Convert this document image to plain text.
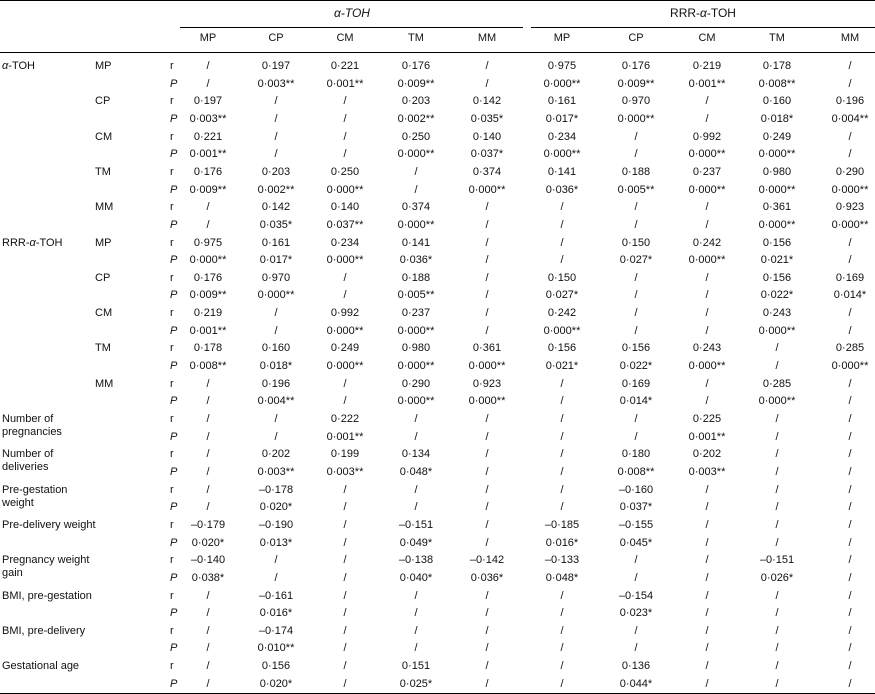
α-TOH	RRR-α-TOH
MP	CP	CM	TM	MM	MP	CP	CM	TM	MM
α-TOH	MP	r	/	0·197	0·221	0·176	/	0·975	0·176	0·219	0·178	/
P	/	0·003**	0·001**	0·009**	/	0·000**	0·009**	0·001**	0·008**	/
CP	r 0·197	/	/	0·203	0·142	0·161	0·970	/	0·160	0·196
P 0·003**	/	/	0·002**	0·035*	0·017*	0·000**	/	0·018*	0·004**
CM	r 0·221	/	/	0·250	0·140	0·234	/	0·992	0·249	/
P 0·001**	/	/	0·000**	0·037*	0·000**	/	0·000**	0·000**	/
TM	r 0·176	0·203	0·250	/	0·374	0·141	0·188	0·237	0·980	0·290
P 0·009**	0·002**	0·000**	/	0·000**	0·036*	0·005**	0·000**	0·000**	0·000**
MM	r	/	0·142	0·140	0·374	/	/	/	/	0·361	0·923
P	/	0·035*	0·037**	0·000**	/	/	/	/	0·000**	0·000**
RRR-α-TOH	MP	r 0·975	0·161	0·234	0·141	/	/	0·150	0·242	0·156	/
P 0·000**	0·017*	0·000**	0·036*	/	/	0·027*	0·000**	0·021*	/
CP	r 0·176	0·970	/	0·188	/	0·150	/	/	0·156	0·169
P 0·009**	0·000**	/	0·005**	/	0·027*	/	/	0·022*	0·014*
CM	r 0·219	/	0·992	0·237	/	0·242	/	/	0·243	/
P 0·001**	/	0·000**	0·000**	/	0·000**	/	/	0·000**	/
TM	r 0·178	0·160	0·249	0·980	0·361	0·156	0·156	0·243	/	0·285
P 0·008**	0·018*	0·000**	0·000**	0·000**	0·021*	0·022*	0·000**	/	0·000**
MM	r	/	0·196	/	0·290	0·923	/	0·169	/	0·285	/
P	/	0·004**	/	0·000**	0·000**	/	0·014*	/	0·000**	/
Number of
pregnancies
r	/	/	0·222	/	/	/	/	0·225	/	/
P	/	/	0·001**	/	/	/	/	0·001**	/	/
Number of
deliveries
r	/	0·202	0·199	0·134	/	/	0·180	0·202	/	/
P	/	0·003**	0·003**	0·048*	/	/	0·008**	0·003**	/	/
Pre-gestation
weight
r	/	–0·178	/	/	/	/	–0·160	/	/	/
P	/	0·020*	/	/	/	/	0·037*	/	/	/
Pre-delivery weight	r –0·179	–0·190	/	–0·151	/	–0·185	–0·155	/	/	/
P 0·020*	0·013*	/	0·049*	/	0·016*	0·045*	/	/	/
Pregnancy weight
gain
r –0·140	/	/	–0·138	–0·142	–0·133	/	/	–0·151	/
P 0·038*	/	/	0·040*	0·036*	0·048*	/	/	0·026*	/
BMI, pre-gestation	r	/	–0·161	/	/	/	/	–0·154	/	/	/
P	/	0·016*	/	/	/	/	0·023*	/	/	/
BMI, pre-delivery	r	/	–0·174	/	/	/	/	/	/	/	/
P	/	0·010**	/	/	/	/	/	/	/	/
Gestational age	r	/	0·156	/	0·151	/	/	0·136	/	/	/
P	/	0·020*	/	0·025*	/	/	0·044*	/	/	/
